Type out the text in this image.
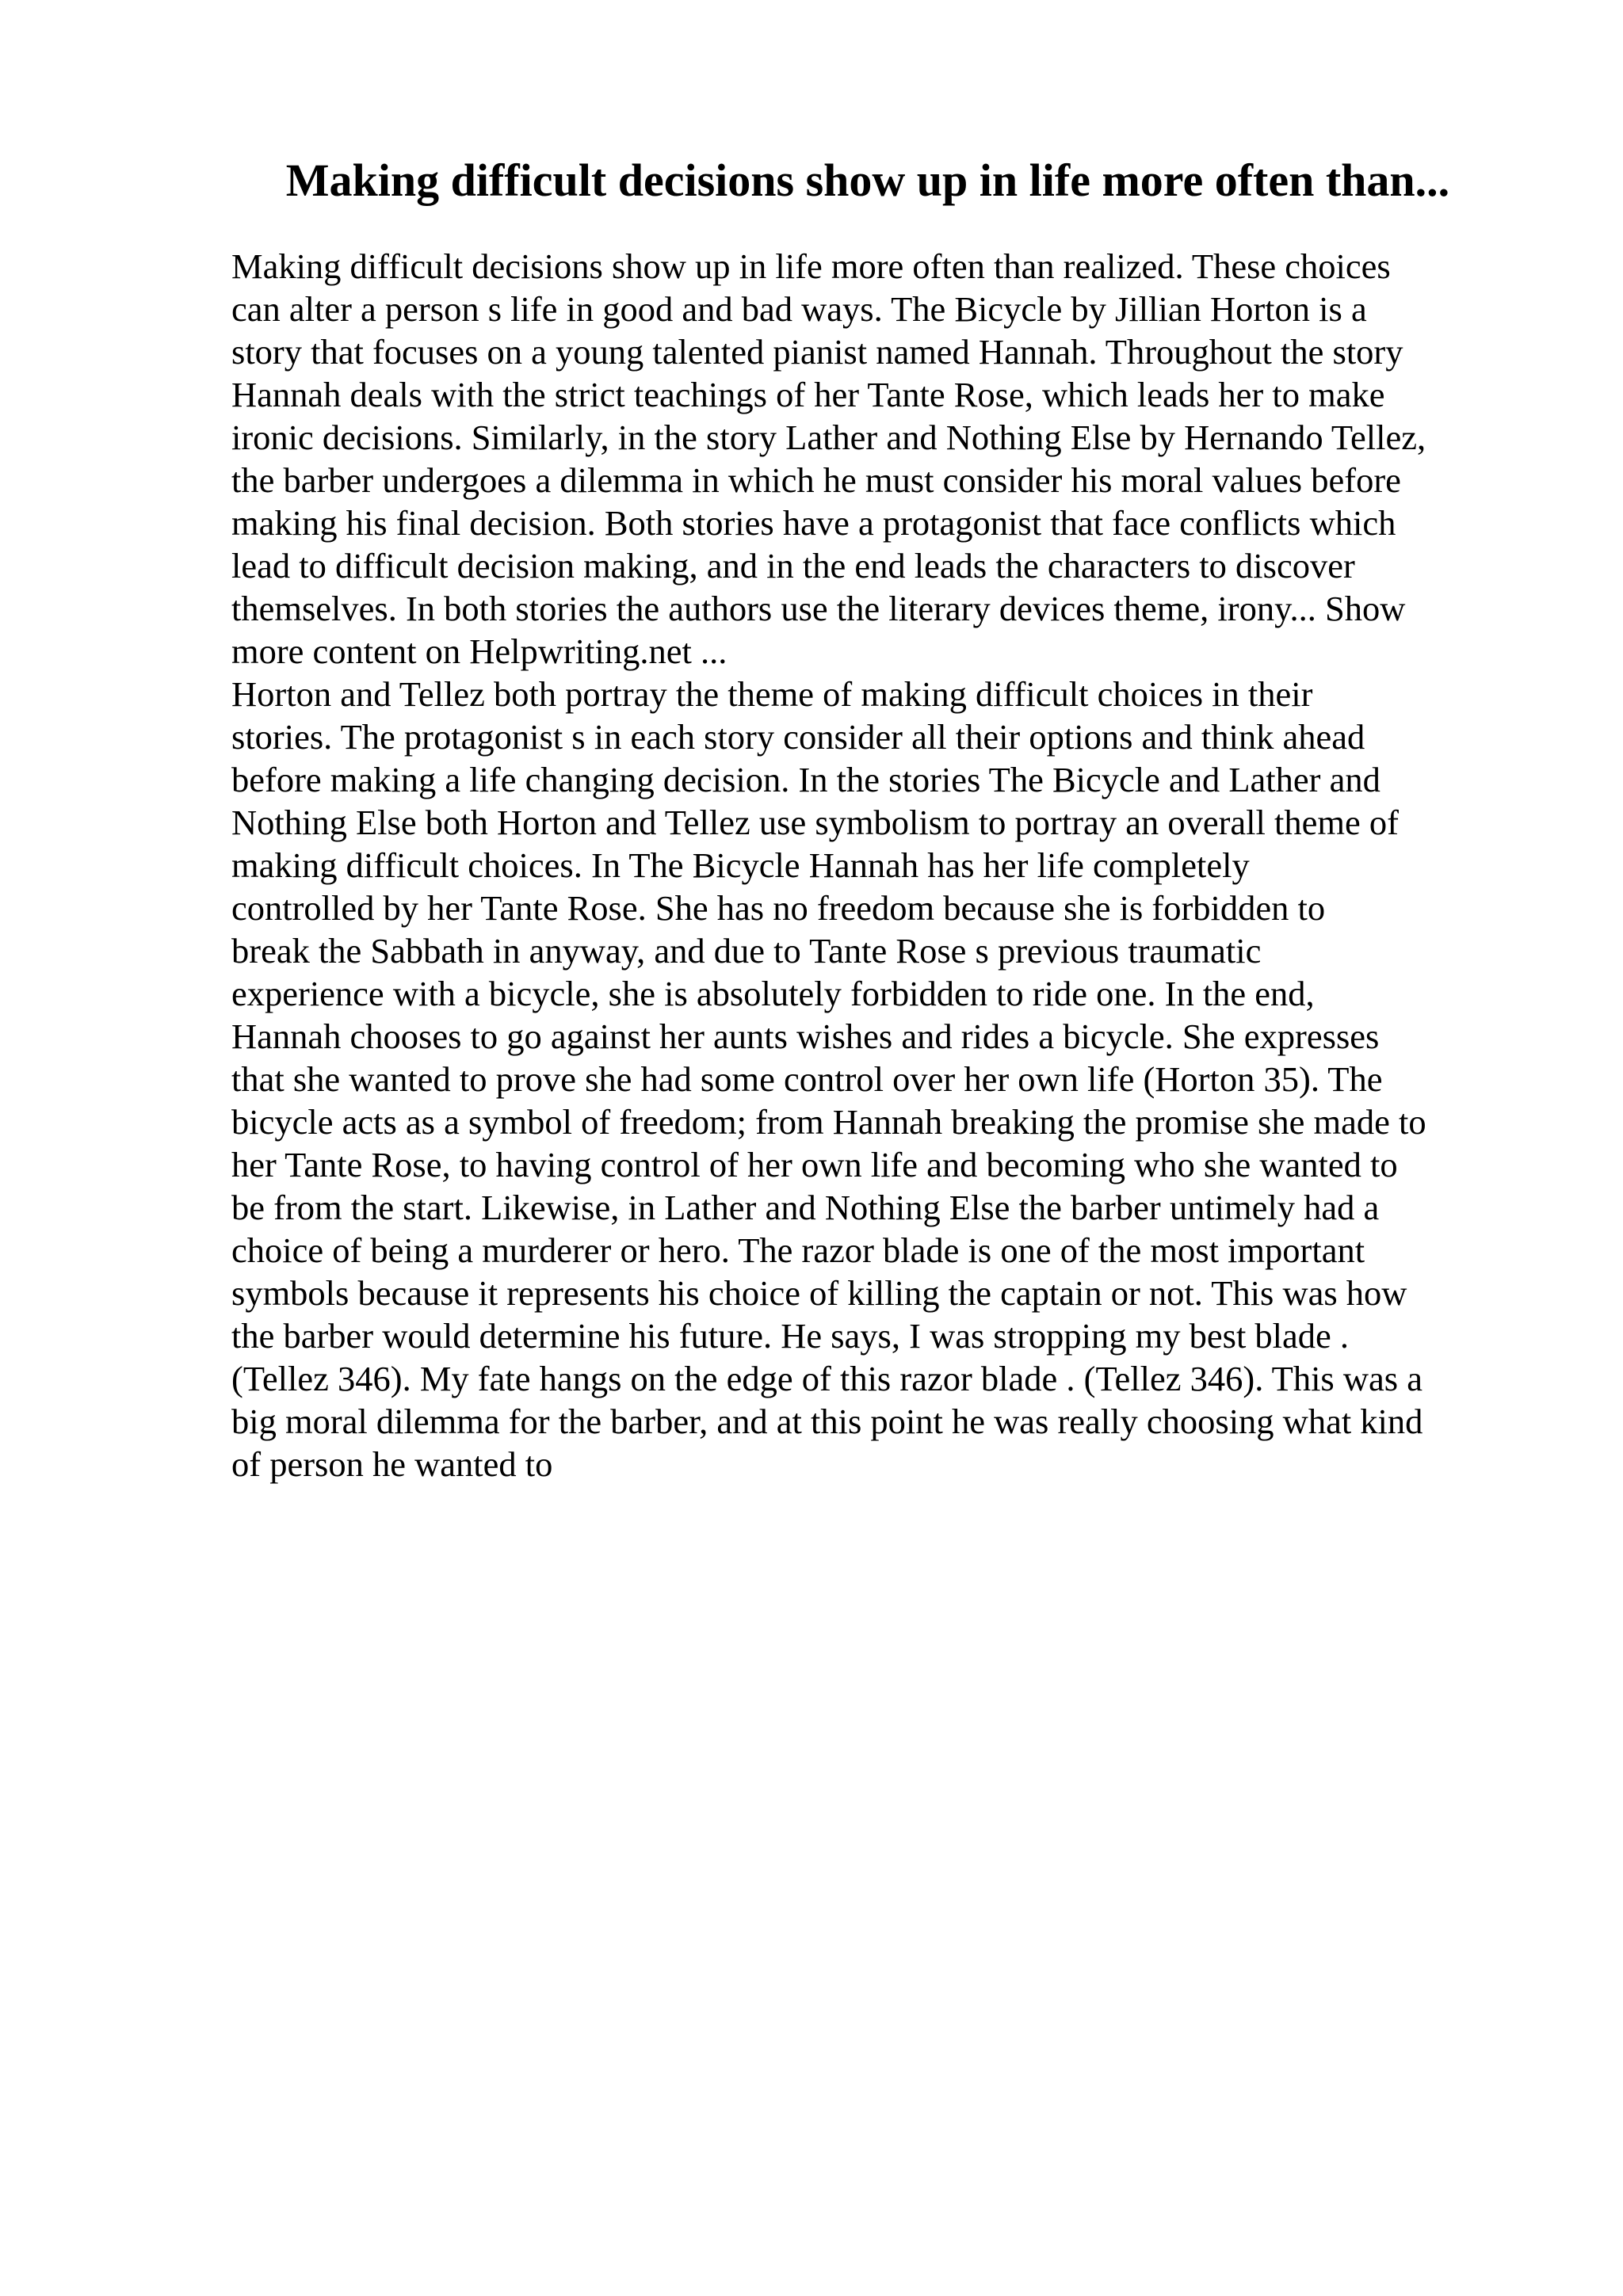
Making difficult decisions show up in life more often than...
Making difficult decisions show up in life more often than realized. These choices
can alter a person s life in good and bad ways. The Bicycle by Jillian Horton is a
story that focuses on a young talented pianist named Hannah. Throughout the story
Hannah deals with the strict teachings of her Tante Rose, which leads her to make
ironic decisions. Similarly, in the story Lather and Nothing Else by Hernando Tellez,
the barber undergoes a dilemma in which he must consider his moral values before
making his final decision. Both stories have a protagonist that face conflicts which
lead to difficult decision making, and in the end leads the characters to discover
themselves. In both stories the authors use the literary devices theme, irony... Show
more content on Helpwriting.net ...
Horton and Tellez both portray the theme of making difficult choices in their
stories. The protagonist s in each story consider all their options and think ahead
before making a life changing decision. In the stories The Bicycle and Lather and
Nothing Else both Horton and Tellez use symbolism to portray an overall theme of
making difficult choices. In The Bicycle Hannah has her life completely
controlled by her Tante Rose. She has no freedom because she is forbidden to
break the Sabbath in anyway, and due to Tante Rose s previous traumatic
experience with a bicycle, she is absolutely forbidden to ride one. In the end,
Hannah chooses to go against her aunts wishes and rides a bicycle. She expresses
that she wanted to prove she had some control over her own life (Horton 35). The
bicycle acts as a symbol of freedom; from Hannah breaking the promise she made to
her Tante Rose, to having control of her own life and becoming who she wanted to
be from the start. Likewise, in Lather and Nothing Else the barber untimely had a
choice of being a murderer or hero. The razor blade is one of the most important
symbols because it represents his choice of killing the captain or not. This was how
the barber would determine his future. He says, I was stropping my best blade .
(Tellez 346). My fate hangs on the edge of this razor blade . (Tellez 346). This was a
big moral dilemma for the barber, and at this point he was really choosing what kind
of person he wanted to
